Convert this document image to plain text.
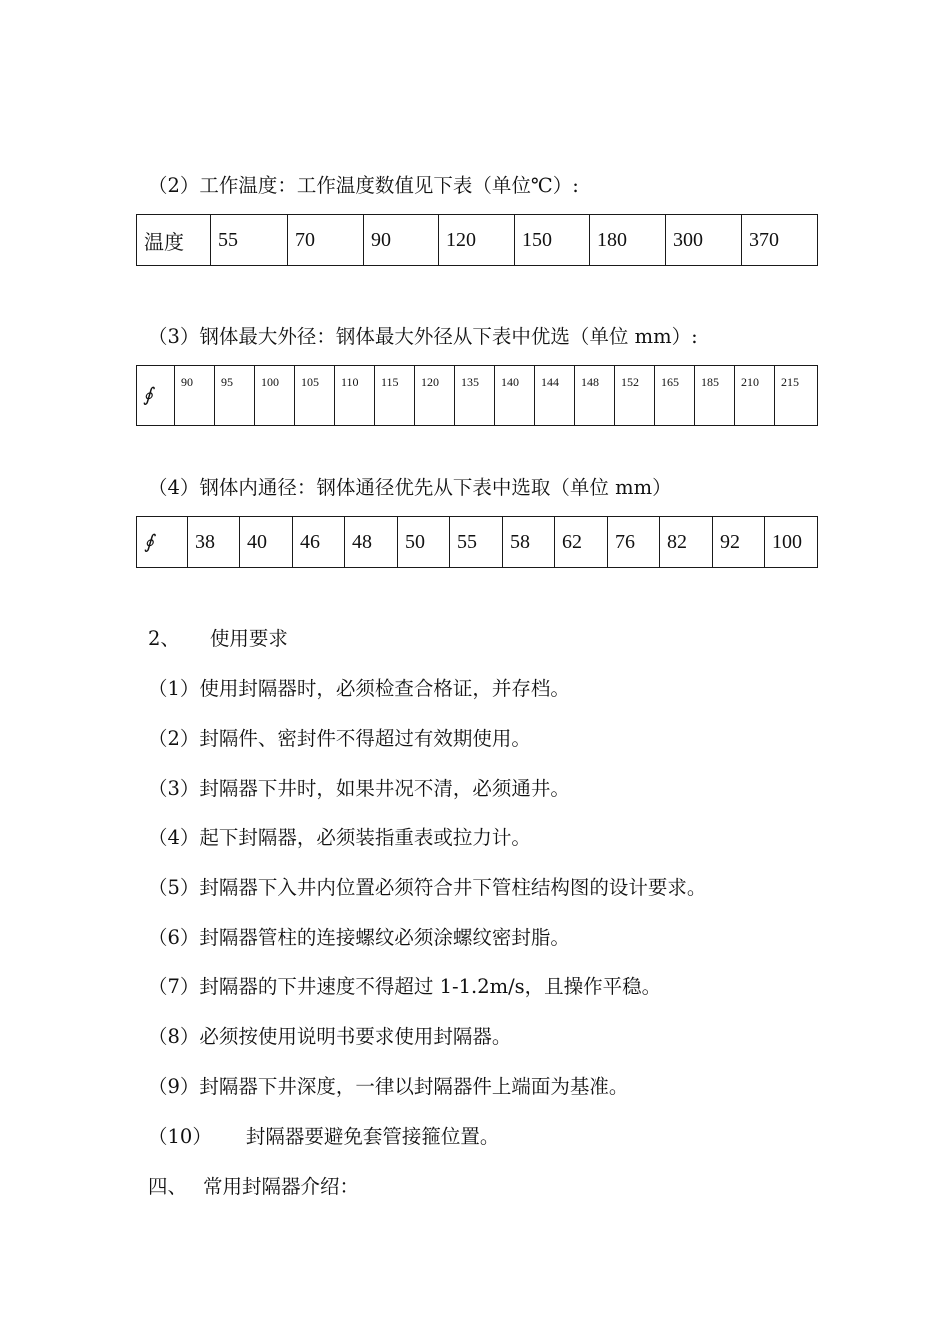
（2）工作温度：工作温度数值见下表（单位℃）:
温度	55	70	90	120	150	180	300	370
（3）钢体最大外径：钢体最大外径从下表中优选（单位 mm）:
∮	90	95	100	105	110	115	120	135	140	144	148	152	165	185	210	215
（4）钢体内通径：钢体通径优先从下表中选取（单位 mm）
∮	38	40	46	48	50	55	58	62	76	82	92	100
2、 使用要求
（1）使用封隔器时，必须检查合格证，并存档。
（2）封隔件、密封件不得超过有效期使用。
（3）封隔器下井时，如果井况不清，必须通井。
（4）起下封隔器，必须装指重表或拉力计。
（5）封隔器下入井内位置必须符合井下管柱结构图的设计要求。
（6）封隔器管柱的连接螺纹必须涂螺纹密封脂。
（7）封隔器的下井速度不得超过 1-1.2m/s，且操作平稳。
（8）必须按使用说明书要求使用封隔器。
（9）封隔器下井深度，一律以封隔器件上端面为基准。
（10） 封隔器要避免套管接箍位置。
四、 常用封隔器介绍：
